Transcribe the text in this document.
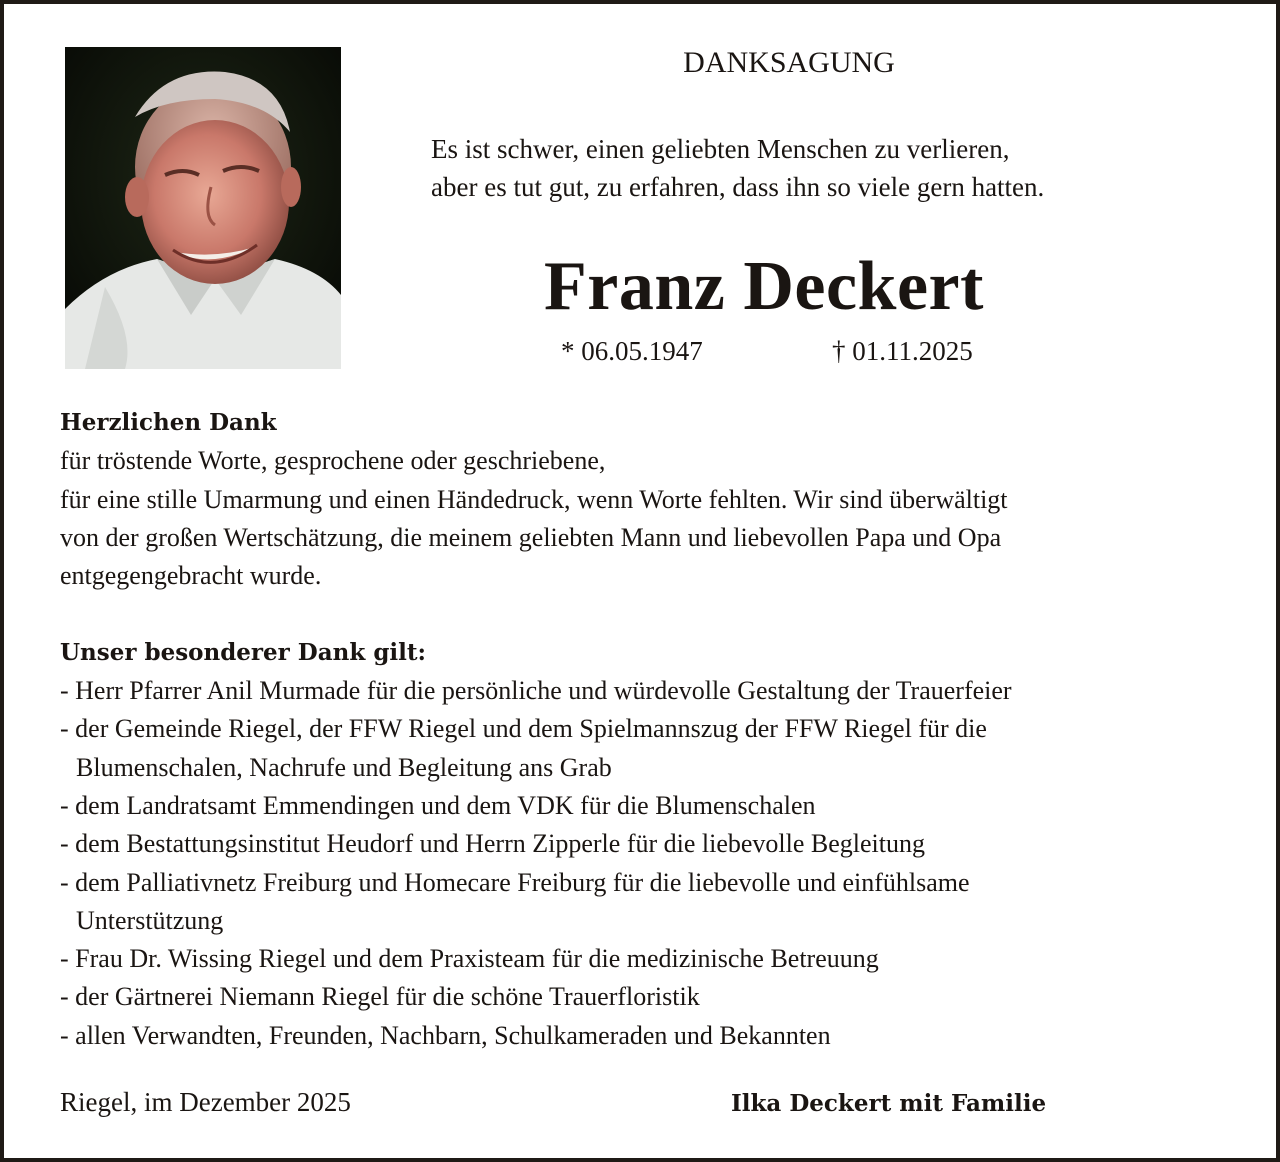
DANKSAGUNG
Es ist schwer, einen geliebten Menschen zu verlieren,
aber es tut gut, zu erfahren, dass ihn so viele gern hatten.
Franz Deckert
* 06.05.1947	† 01.11.2025
Herzlichen Dank
für tröstende Worte, gesprochene oder geschriebene,
für eine stille Umarmung und einen Händedruck, wenn Worte fehlten. Wir sind überwältigt
von der großen Wertschätzung, die meinem geliebten Mann und liebevollen Papa und Opa
entgegengebracht wurde.
Unser besonderer Dank gilt:
- Herr Pfarrer Anil Murmade für die persönliche und würdevolle Gestaltung der Trauerfeier
- der Gemeinde Riegel, der FFW Riegel und dem Spielmannszug der FFW Riegel für die
Blumenschalen, Nachrufe und Begleitung ans Grab
- dem Landratsamt Emmendingen und dem VDK für die Blumenschalen
- dem Bestattungsinstitut Heudorf und Herrn Zipperle für die liebevolle Begleitung
- dem Palliativnetz Freiburg und Homecare Freiburg für die liebevolle und einfühlsame
Unterstützung
- Frau Dr. Wissing Riegel und dem Praxisteam für die medizinische Betreuung
- der Gärtnerei Niemann Riegel für die schöne Trauerfloristik
- allen Verwandten, Freunden, Nachbarn, Schulkameraden und Bekannten
Riegel, im Dezember 2025	Ilka Deckert mit Familie
